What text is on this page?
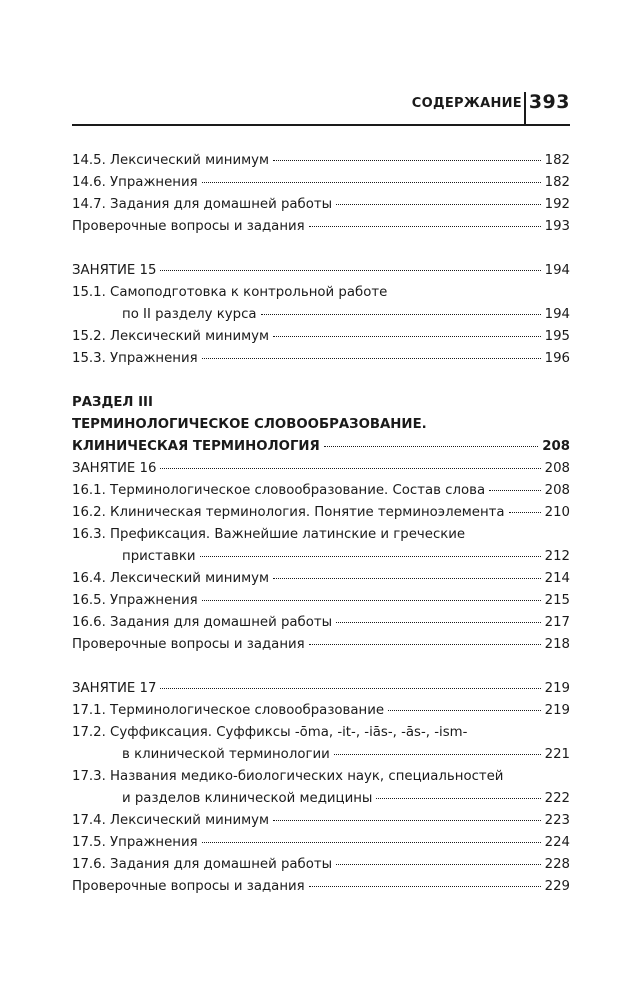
СОДЕРЖАНИЕ 393
14.5. Лексический минимум	182
14.6. Упражнения	182
14.7. Задания для домашней работы	192
Проверочные вопросы и задания	193
ЗАНЯТИЕ 15	194
15.1. Самоподготовка к контрольной работе
по II разделу курса	194
15.2. Лексический минимум	195
15.3. Упражнения	196
РАЗДЕЛ III
ТЕРМИНОЛОГИЧЕСКОЕ СЛОВООБРАЗОВАНИЕ.
КЛИНИЧЕСКАЯ ТЕРМИНОЛОГИЯ	208
ЗАНЯТИЕ 16	208
16.1. Терминологическое словообразование. Состав слова	208
16.2. Клиническая терминология. Понятие терминоэлемента	210
16.3. Префиксация. Важнейшие латинские и греческие
приставки	212
16.4. Лексический минимум	214
16.5. Упражнения	215
16.6. Задания для домашней работы	217
Проверочные вопросы и задания	218
ЗАНЯТИЕ 17	219
17.1. Терминологическое словообразование	219
17.2. Суффиксация. Суффиксы -ōma, -it-, -iās-, -ās-, -ism-
в клинической терминологии	221
17.3. Названия медико-биологических наук, специальностей
и разделов клинической медицины	222
17.4. Лексический минимум	223
17.5. Упражнения	224
17.6. Задания для домашней работы	228
Проверочные вопросы и задания	229
